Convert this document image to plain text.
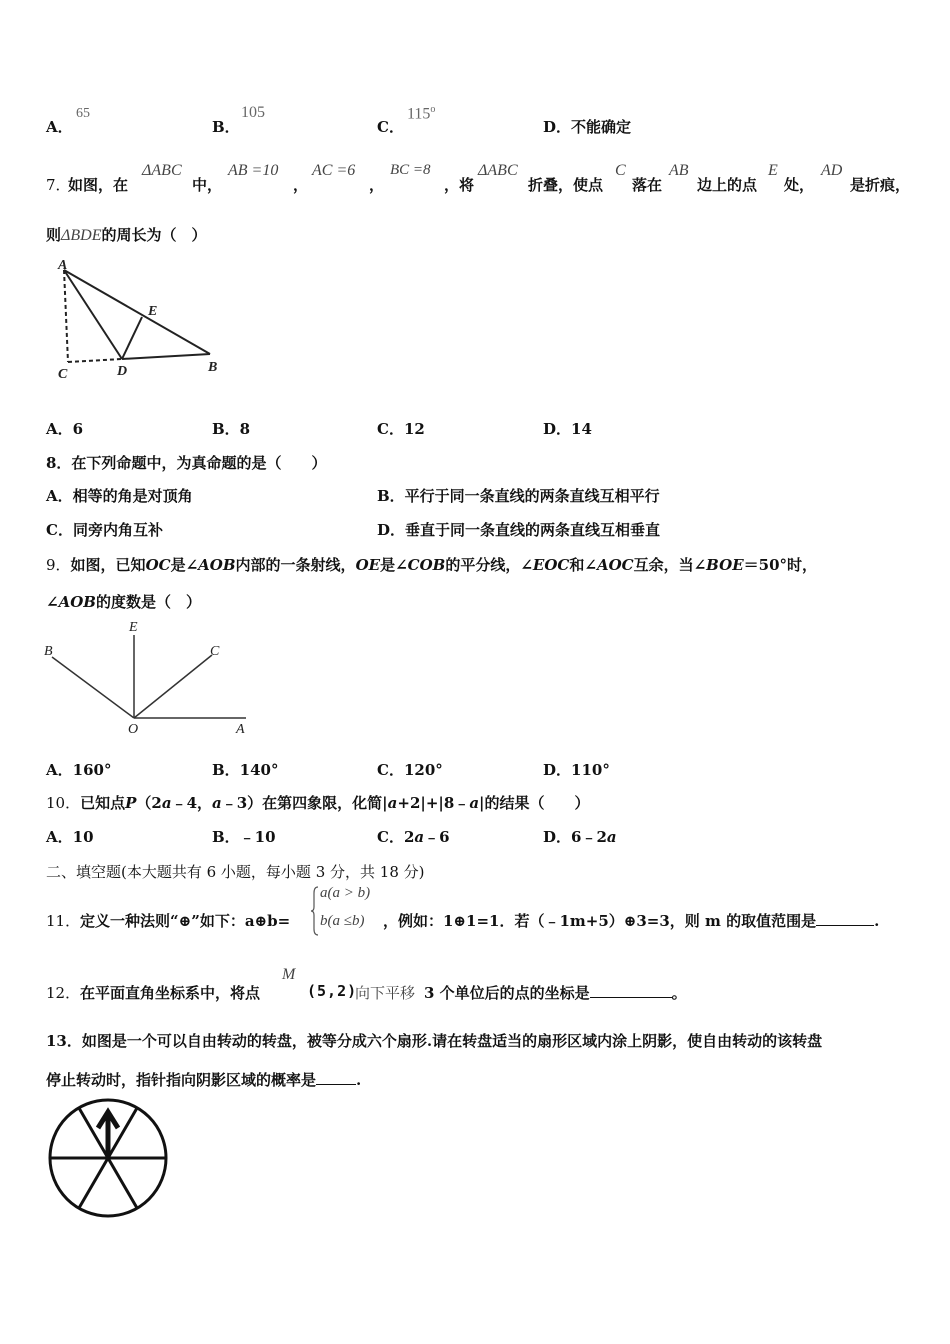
A．
65
B．
105
C．
115$^o$
D．不能确定
7．
如图，在
ΔABC
中，
AB =10
，
AC =6
，
BC =8
，将
ΔABC
折叠，使点
C
落在
AB
边上的点
E
处，
AD
是折痕，
则ΔBDE的周长为（　）
A
E
C	D	B
A．6	B．8	C．12	D．14
8．在下列命题中，为真命题的是（　　）
A．相等的角是对顶角	B．平行于同一条直线的两条直线互相平行
C．同旁内角互补	D．垂直于同一条直线的两条直线互相垂直
9．如图，已知OC是∠AOB内部的一条射线，OE是∠COB的平分线，∠EOC和∠AOC互余，当∠BOE＝50°时，
∠AOB的度数是（　）
E
B	C
O	A
A．160°	B．140°	C．120°	D．110°
10．已知点P（2a﹣4，a﹣3）在第四象限，化简|a+2|+|8﹣a|的结果（　　）
A．10	B．﹣10	C．2a﹣6	D．6﹣2a
二、填空题(本大题共有 6 小题，每小题 3 分，共 18 分)
11． 定义一种法则“⊕”如下：a⊕b=
a(a > b)
b(a ≤b) ，例如：1⊕1=1．若（﹣1m+5）⊕3=3，则 m 的取值范围是	.
12． 在平面直角坐标系中，将点
M
(5,2)
向下平移 3 个单位后的点的坐标是	。
13．如图是一个可以自由转动的转盘，被等分成六个扇形.请在转盘适当的扇形区域内涂上阴影，使自由转动的该转盘
停止转动时，指针指向阴影区域的概率是	.
